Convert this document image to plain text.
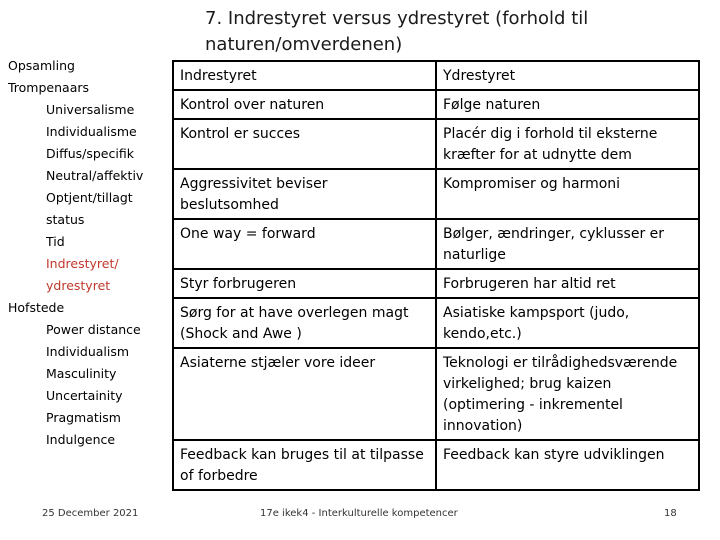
7. Indrestyret versus ydrestyret (forhold til naturen/omverdenen)
Opsamling
Trompenaars
Universalisme
Individualisme
Diffus/specifik
Neutral/affektiv
Optjent/tillagt
status
Tid
Indrestyret/
ydrestyret
Hofstede
Power distance
Individualism
Masculinity
Uncertainity
Pragmatism
Indulgence
Indrestyret	Ydrestyret
Kontrol over naturen	Følge naturen
Kontrol er succes	Placér dig i forhold til eksterne kræfter for at udnytte dem
Aggressivitet beviser beslutsomhed	Kompromiser og harmoni
One way = forward	Bølger, ændringer, cyklusser er naturlige
Styr forbrugeren	Forbrugeren har altid ret
Sørg for at have overlegen magt (Shock and Awe )	Asiatiske kampsport (judo, kendo,etc.)
Asiaterne stjæler vore ideer	Teknologi er tilrådighedsværende virkelighed; brug kaizen (optimering - inkrementel innovation)
Feedback kan bruges til at tilpasse of forbedre	Feedback kan styre udviklingen
25 December 2021	17e ikek4 - Interkulturelle kompetencer	18
